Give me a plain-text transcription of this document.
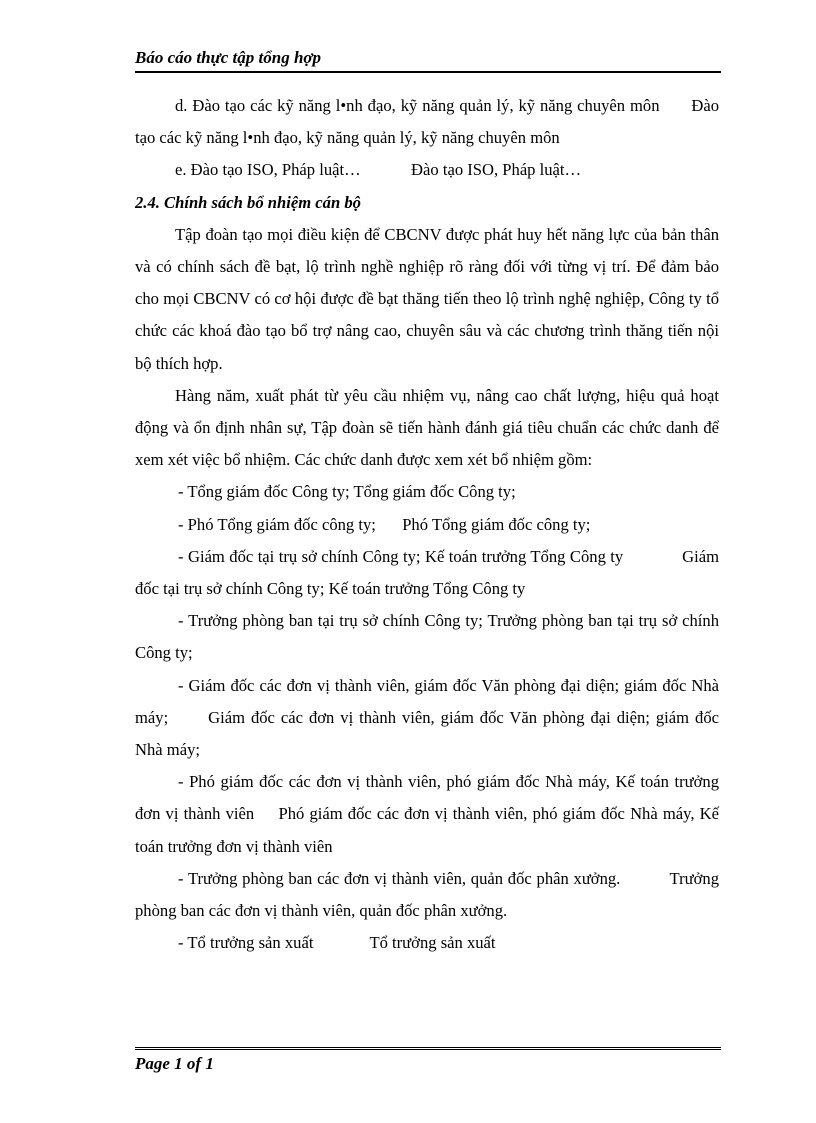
Báo cáo thực tập tổng hợp

d. Đào tạo các kỹ năng l•nh đạo, kỹ năng quản lý, kỹ năng chuyên môn Đào tạo các kỹ năng l•nh đạo, kỹ năng quản lý, kỹ năng chuyên môn

e. Đào tạo ISO, Pháp luật…	Đào tạo ISO, Pháp luật…

2.4. Chính sách bổ nhiệm cán bộ

Tập đoàn tạo mọi điều kiện để CBCNV được phát huy hết năng lực của bản thân và có chính sách đề bạt, lộ trình nghề nghiệp rõ ràng đối với từng vị trí. Để đảm bảo cho mọi CBCNV có cơ hội được đề bạt thăng tiến theo lộ trình nghệ nghiệp, Công ty tổ chức các khoá đào tạo bổ trợ nâng cao, chuyên sâu và các chương trình thăng tiến nội bộ thích hợp.

Hàng năm, xuất phát từ yêu cầu nhiệm vụ, nâng cao chất lượng, hiệu quả hoạt động và ổn định nhân sự, Tập đoàn sẽ tiến hành đánh giá tiêu chuẩn các chức danh để xem xét việc bổ nhiệm. Các chức danh được xem xét bổ nhiệm gồm:

- Tổng giám đốc Công ty; Tổng giám đốc Công ty;

- Phó Tổng giám đốc công ty; Phó Tổng giám đốc công ty;

- Giám đốc tại trụ sở chính Công ty; Kế toán trưởng Tổng Công ty	Giám đốc tại trụ sở chính Công ty; Kế toán trưởng Tổng Công ty

- Trưởng phòng ban tại trụ sở chính Công ty; Trưởng phòng ban tại trụ sở chính Công ty;

- Giám đốc các đơn vị thành viên, giám đốc Văn phòng đại diện; giám đốc Nhà máy; Giám đốc các đơn vị thành viên, giám đốc Văn phòng đại diện; giám đốc Nhà máy;

- Phó giám đốc các đơn vị thành viên, phó giám đốc Nhà máy, Kế toán trưởng đơn vị thành viên Phó giám đốc các đơn vị thành viên, phó giám đốc Nhà máy, Kế toán trưởng đơn vị thành viên

- Trưởng phòng ban các đơn vị thành viên, quản đốc phân xưởng.	Trưởng phòng ban các đơn vị thành viên, quản đốc phân xưởng.

- Tổ trưởng sản xuất	Tổ trưởng sản xuất

Page 1 of 1
